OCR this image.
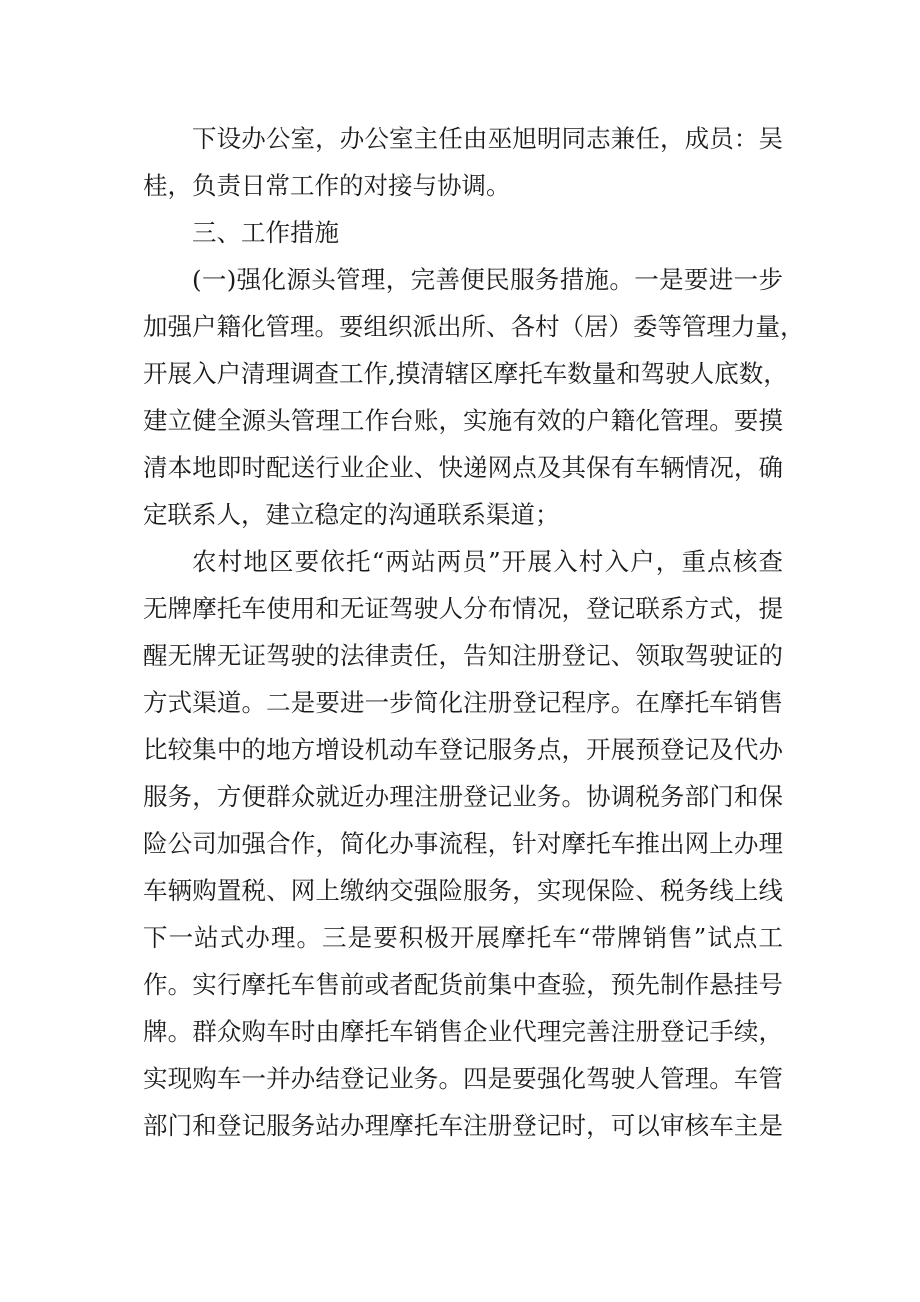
下设办公室，办公室主任由巫旭明同志兼任，成员：吴
桂，负责日常工作的对接与协调。
三、工作措施
(一)强化源头管理，完善便民服务措施。一是要进一步
加强户籍化管理。要组织派出所、各村（居）委等管理力量，
开展入户清理调查工作,摸清辖区摩托车数量和驾驶人底数，
建立健全源头管理工作台账，实施有效的户籍化管理。要摸
清本地即时配送行业企业、快递网点及其保有车辆情况，确
定联系人，建立稳定的沟通联系渠道；
农村地区要依托“两站两员”开展入村入户，重点核查
无牌摩托车使用和无证驾驶人分布情况，登记联系方式，提
醒无牌无证驾驶的法律责任，告知注册登记、领取驾驶证的
方式渠道。二是要进一步简化注册登记程序。在摩托车销售
比较集中的地方增设机动车登记服务点，开展预登记及代办
服务，方便群众就近办理注册登记业务。协调税务部门和保
险公司加强合作，简化办事流程，针对摩托车推出网上办理
车辆购置税、网上缴纳交强险服务，实现保险、税务线上线
下一站式办理。三是要积极开展摩托车“带牌销售”试点工
作。实行摩托车售前或者配货前集中查验，预先制作悬挂号
牌。群众购车时由摩托车销售企业代理完善注册登记手续，
实现购车一并办结登记业务。四是要强化驾驶人管理。车管
部门和登记服务站办理摩托车注册登记时，可以审核车主是
